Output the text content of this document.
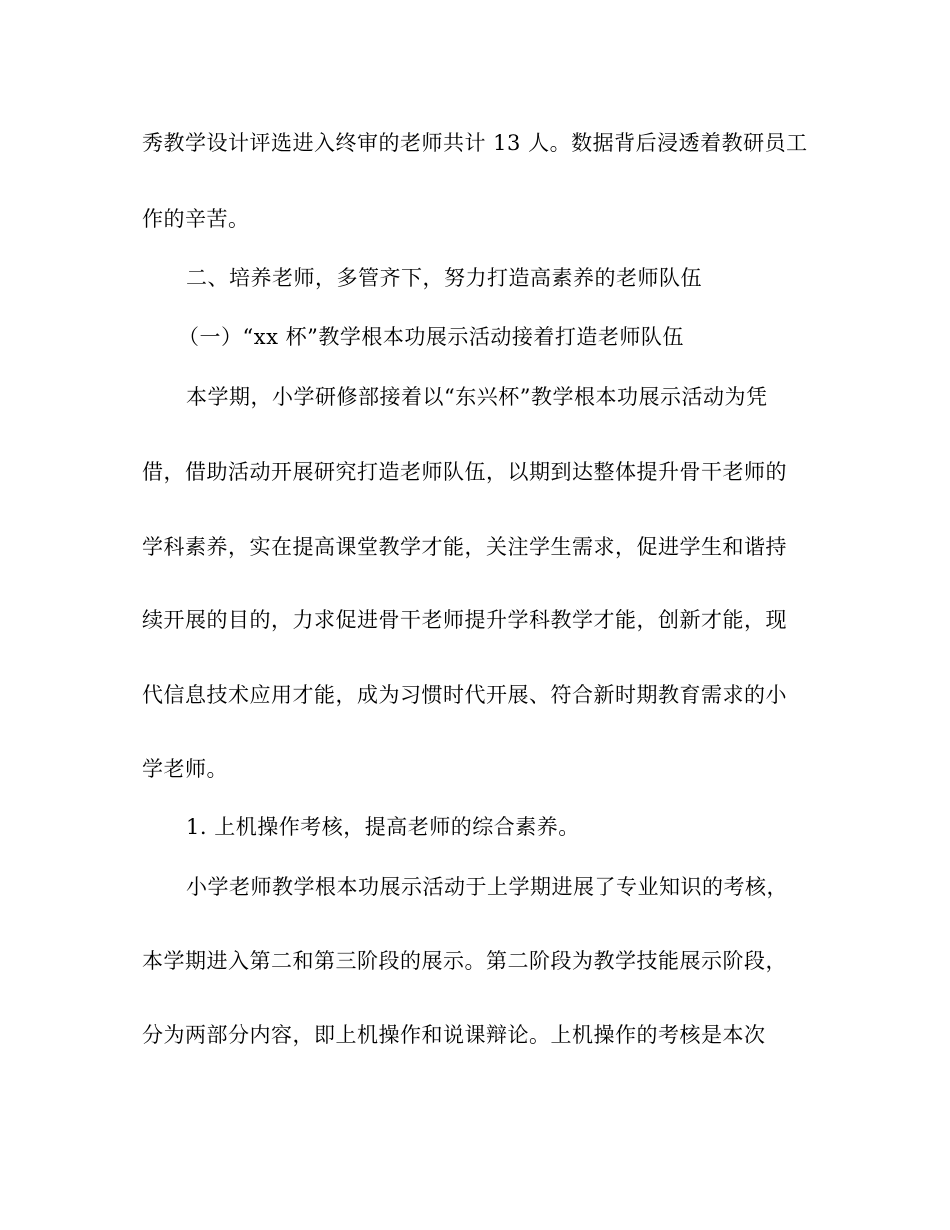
秀教学设计评选进入终审的老师共计 13 人。数据背后浸透着教研员工
作的辛苦。
二、培养老师，多管齐下，努力打造高素养的老师队伍
（一）“xx 杯”教学根本功展示活动接着打造老师队伍
本学期，小学研修部接着以“东兴杯”教学根本功展示活动为凭
借，借助活动开展研究打造老师队伍，以期到达整体提升骨干老师的
学科素养，实在提高课堂教学才能，关注学生需求，促进学生和谐持
续开展的目的，力求促进骨干老师提升学科教学才能，创新才能，现
代信息技术应用才能，成为习惯时代开展、符合新时期教育需求的小
学老师。
1. 上机操作考核，提高老师的综合素养。
小学老师教学根本功展示活动于上学期进展了专业知识的考核，
本学期进入第二和第三阶段的展示。第二阶段为教学技能展示阶段，
分为两部分内容，即上机操作和说课辩论。上机操作的考核是本次
